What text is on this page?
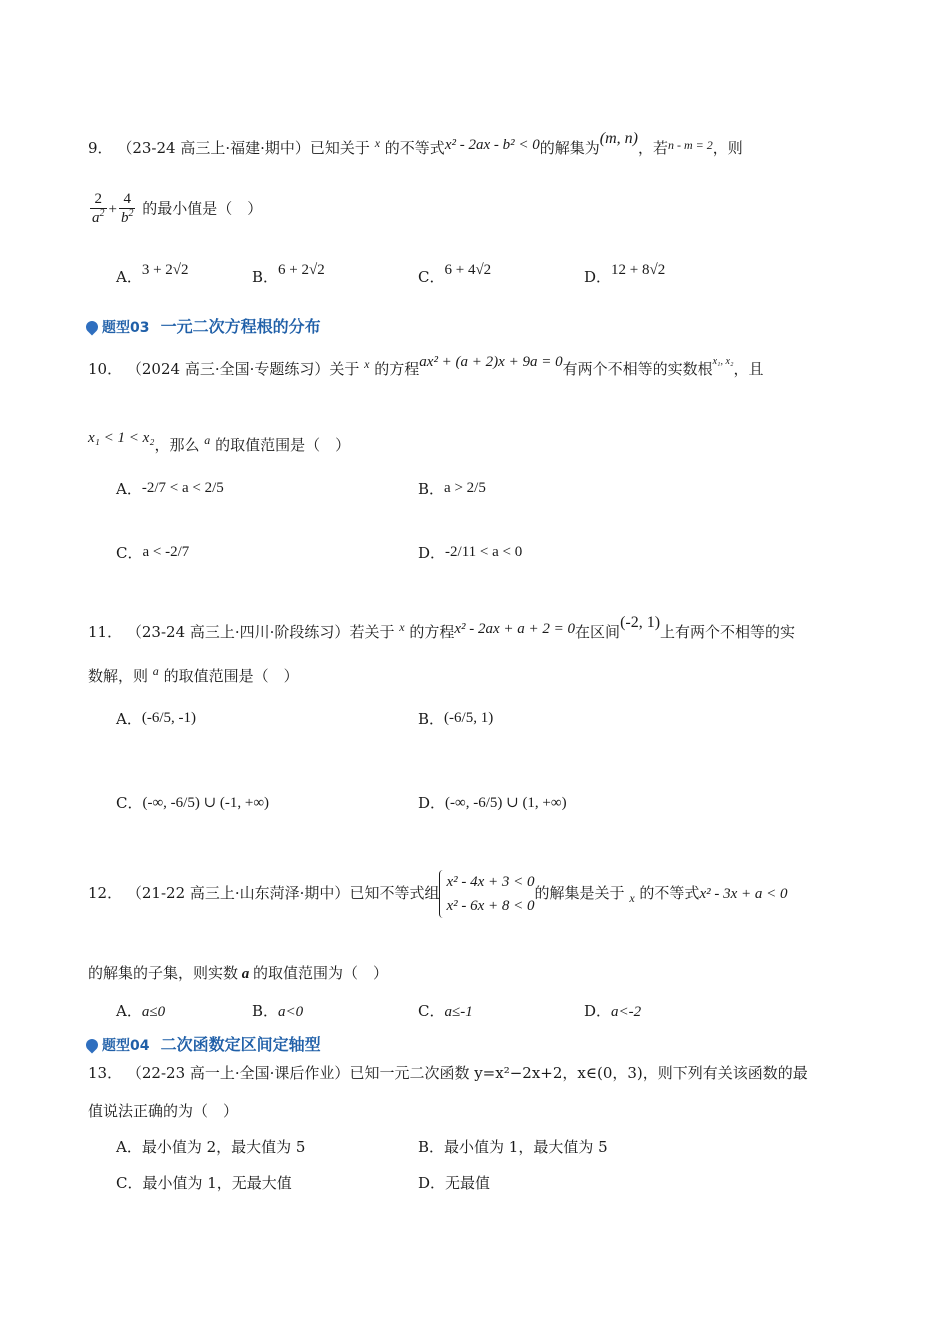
9． （23-24 高三上·福建·期中）已知关于 $^x$ 的不等式x² - 2ax - b² < 0的解集为(m, n)，若$^{n - m = 2}$，则
$\frac{2}{a^2} + \frac{4}{b^2}$ 的最小值是（　）
A．3 + 2√2	B．6 + 2√2	C．6 + 4√2	D．12 + 8√2
题型03 一元二次方程根的分布
10． （2024 高三·全国·专题练习）关于 $^x$ 的方程ax² + (a + 2)x + 9a = 0有两个不相等的实数根$^{x_1, x_2}$，且
x₁ < 1 < x₂，那么 $^a$ 的取值范围是（　）
A．-2/7 < a < 2/5	B．a > 2/5
C．a < -2/7	D．-2/11 < a < 0
11． （23-24 高三上·四川·阶段练习）若关于 $^x$ 的方程x² - 2ax + a + 2 = 0在区间(-2, 1)上有两个不相等的实
数解，则 $^a$ 的取值范围是（　）
A．(-6/5, -1)	B．(-6/5, 1)
C．(-∞, -6/5) ∪ (-1, +∞)	D．(-∞, -6/5) ∪ (1, +∞)
12． （21-22 高三上·山东菏泽·期中）已知不等式组
x² - 4x + 3 < 0
x² - 6x + 8 < 0
的解集是关于 $_x$ 的不等式x² - 3x + a < 0
的解集的子集，则实数 a 的取值范围为（　）
A．a≤0	B．a<0	C．a≤-1	D．a<-2
题型04 二次函数定区间定轴型
13． （22-23 高一上·全国·课后作业）已知一元二次函数 y=x²−2x+2，x∈(0，3)，则下列有关该函数的最
值说法正确的为（　）
A．最小值为 2，最大值为 5	B．最小值为 1，最大值为 5
C．最小值为 1，无最大值	D．无最值
